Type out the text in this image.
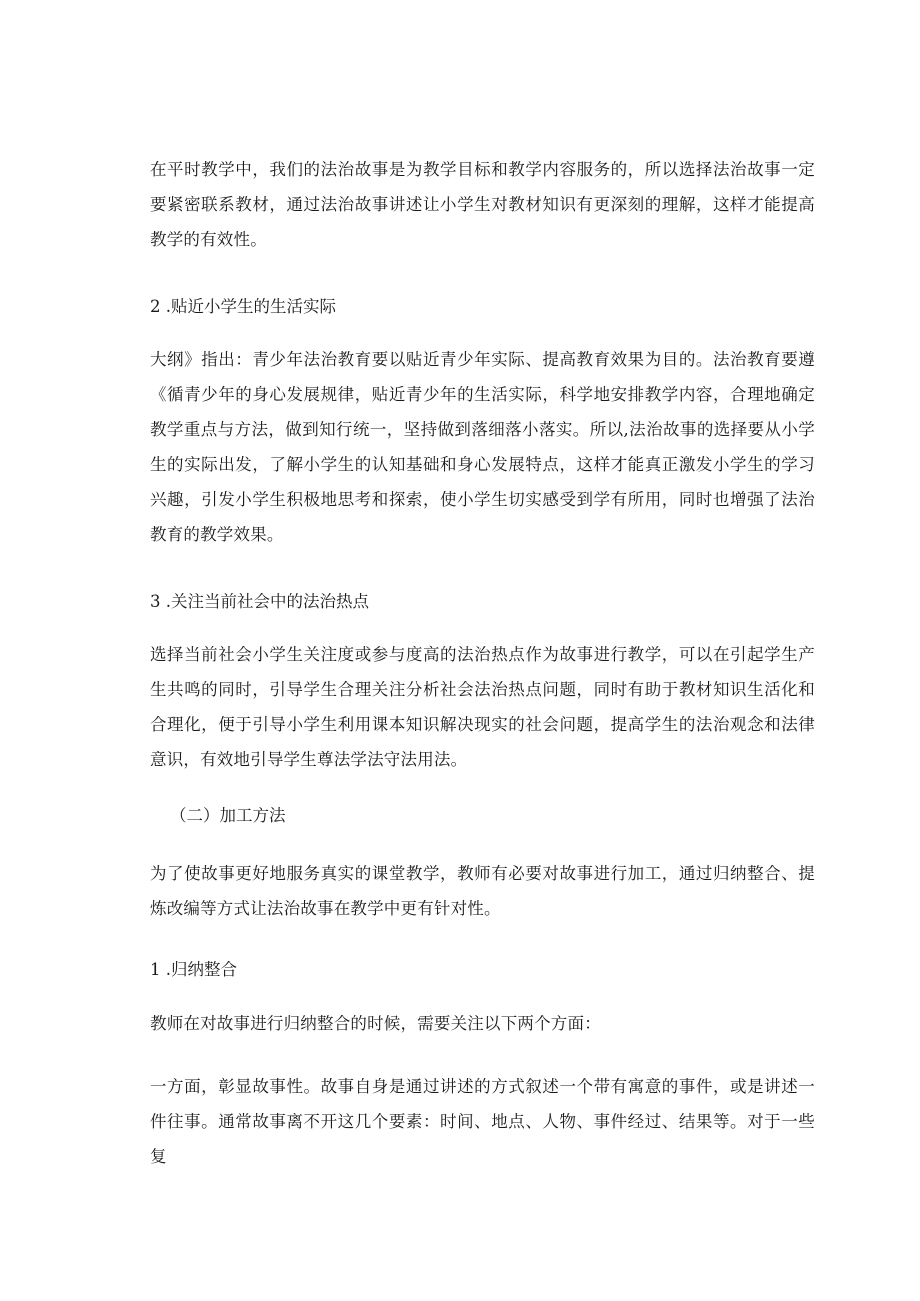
在平时教学中，我们的法治故事是为教学目标和教学内容服务的，所以选择法治故事一定要紧密联系教材，通过法治故事讲述让小学生对教材知识有更深刻的理解，这样才能提高教学的有效性。

2 .贴近小学生的生活实际

大纲》指出：青少年法治教育要以贴近青少年实际、提高教育效果为目的。法治教育要遵《循青少年的身心发展规律，贴近青少年的生活实际，科学地安排教学内容，合理地确定教学重点与方法，做到知行统一，坚持做到落细落小落实。所以,法治故事的选择要从小学生的实际出发，了解小学生的认知基础和身心发展特点，这样才能真正激发小学生的学习兴趣，引发小学生积极地思考和探索，使小学生切实感受到学有所用，同时也增强了法治教育的教学效果。

3 .关注当前社会中的法治热点

选择当前社会小学生关注度或参与度高的法治热点作为故事进行教学，可以在引起学生产生共鸣的同时，引导学生合理关注分析社会法治热点问题，同时有助于教材知识生活化和合理化，便于引导小学生利用课本知识解决现实的社会问题，提高学生的法治观念和法律意识，有效地引导学生尊法学法守法用法。

（二）加工方法

为了使故事更好地服务真实的课堂教学，教师有必要对故事进行加工，通过归纳整合、提炼改编等方式让法治故事在教学中更有针对性。

1 .归纳整合

教师在对故事进行归纳整合的时候，需要关注以下两个方面：

一方面，彰显故事性。故事自身是通过讲述的方式叙述一个带有寓意的事件，或是讲述一件往事。通常故事离不开这几个要素：时间、地点、人物、事件经过、结果等。对于一些复
